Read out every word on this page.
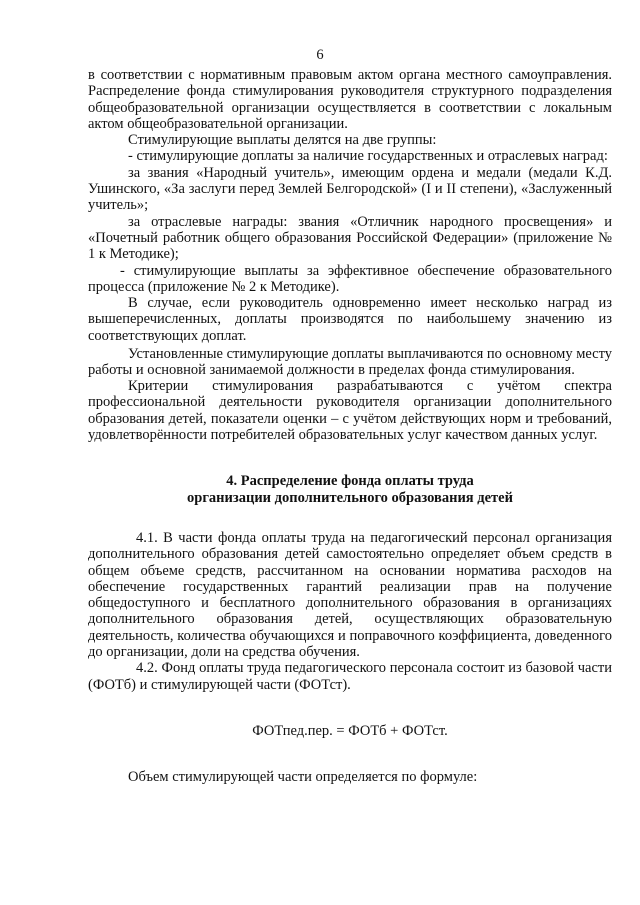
6

в соответствии с нормативным правовым актом органа местного самоуправления. Распределение фонда стимулирования руководителя структурного подразделения общеобразовательной организации осуществляется в соответствии с локальным актом общеобразовательной организации.

Стимулирующие выплаты делятся на две группы:

- стимулирующие доплаты за наличие государственных и отраслевых наград:

за звания «Народный учитель», имеющим ордена и медали (медали К.Д. Ушинского, «За заслуги перед Землей Белгородской» (I и II степени), «Заслуженный учитель»;

за отраслевые награды: звания «Отличник народного просвещения» и «Почетный работник общего образования Российской Федерации» (приложение № 1 к Методике);

- стимулирующие выплаты за эффективное обеспечение образовательного процесса (приложение № 2 к Методике).

В случае, если руководитель одновременно имеет несколько наград из вышеперечисленных, доплаты производятся по наибольшему значению из соответствующих доплат.

Установленные стимулирующие доплаты выплачиваются по основному месту работы и основной занимаемой должности в пределах фонда стимулирования.

Критерии стимулирования разрабатываются с учётом спектра профессиональной деятельности руководителя организации дополнительного образования детей, показатели оценки – с учётом действующих норм и требований, удовлетворённости потребителей образовательных услуг качеством данных услуг.

4. Распределение фонда оплаты труда

организации дополнительного образования детей

4.1. В части фонда оплаты труда на педагогический персонал организация дополнительного образования детей самостоятельно определяет объем средств в общем объеме средств, рассчитанном на основании норматива расходов на обеспечение государственных гарантий реализации прав на получение общедоступного и бесплатного дополнительного образования в организациях дополнительного образования детей, осуществляющих образовательную деятельность, количества обучающихся и поправочного коэффициента, доведенного до организации, доли на средства обучения.

4.2. Фонд оплаты труда педагогического персонала состоит из базовой части (ФОТб) и стимулирующей части (ФОТст).

ФОТпед.пер. = ФОТб + ФОТст.

Объем стимулирующей части определяется по формуле:
